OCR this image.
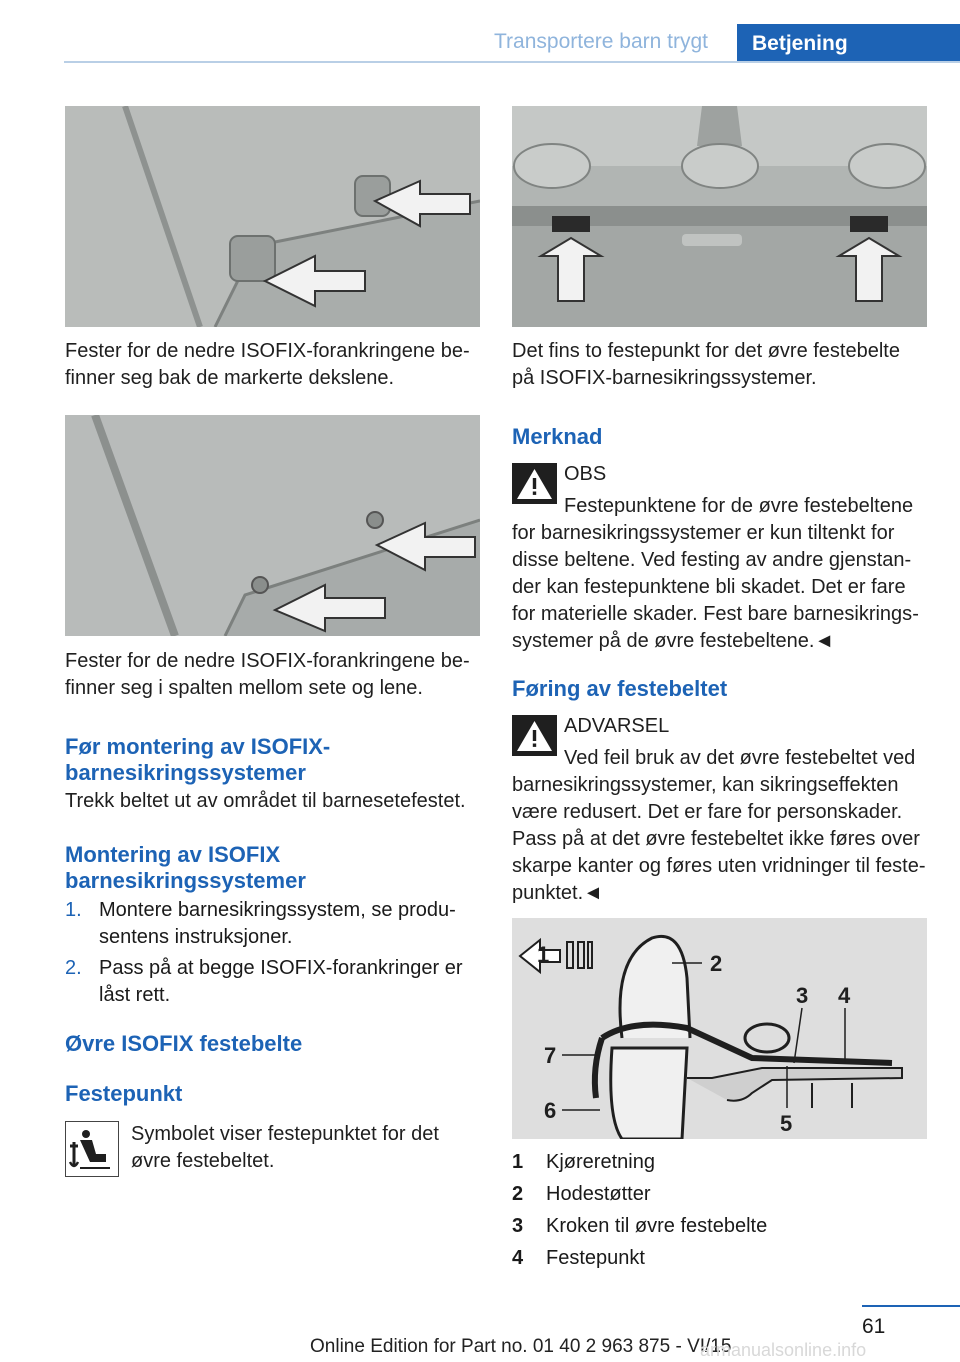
Transportere barn trygt	Betjening
Fester for de nedre ISOFIX-forankringene befinner seg bak de markerte dekslene.
Fester for de nedre ISOFIX-forankringene befinner seg i spalten mellom sete og lene.
Før montering av ISOFIX-barnesikringssystemer
Trekk beltet ut av området til barnesetefestet.
Montering av ISOFIX barnesikringssystemer
1. Montere barnesikringssystem, se produsentens instruksjoner.
2. Pass på at begge ISOFIX-forankringer er låst rett.
Øvre ISOFIX festebelte
Festepunkt
Symbolet viser festepunktet for det øvre festebeltet.
Det fins to festepunkt for det øvre festebelte på ISOFIX-barnesikringssystemer.
Merknad
OBS
Festepunktene for de øvre festebeltene for barnesikringssystemer er kun tiltenkt for disse beltene. Ved festing av andre gjenstander kan festepunktene bli skadet. Det er fare for materielle skader. Fest bare barnesikringssystemer på de øvre festebeltene.◄
Føring av festebeltet
ADVARSEL
Ved feil bruk av det øvre festebeltet ved barnesikringssystemer, kan sikringseffekten være redusert. Det er fare for personskader. Pass på at det øvre festebeltet ikke føres over skarpe kanter og føres uten vridninger til festepunktet.◄
1	2
3 4
5
6
7
1 Kjøreretning
2 Hodestøtter
3 Kroken til øvre festebelte
4 Festepunkt
61
Online Edition for Part no. 01 40 2 963 875 - VI/15
armanualsonline.info
